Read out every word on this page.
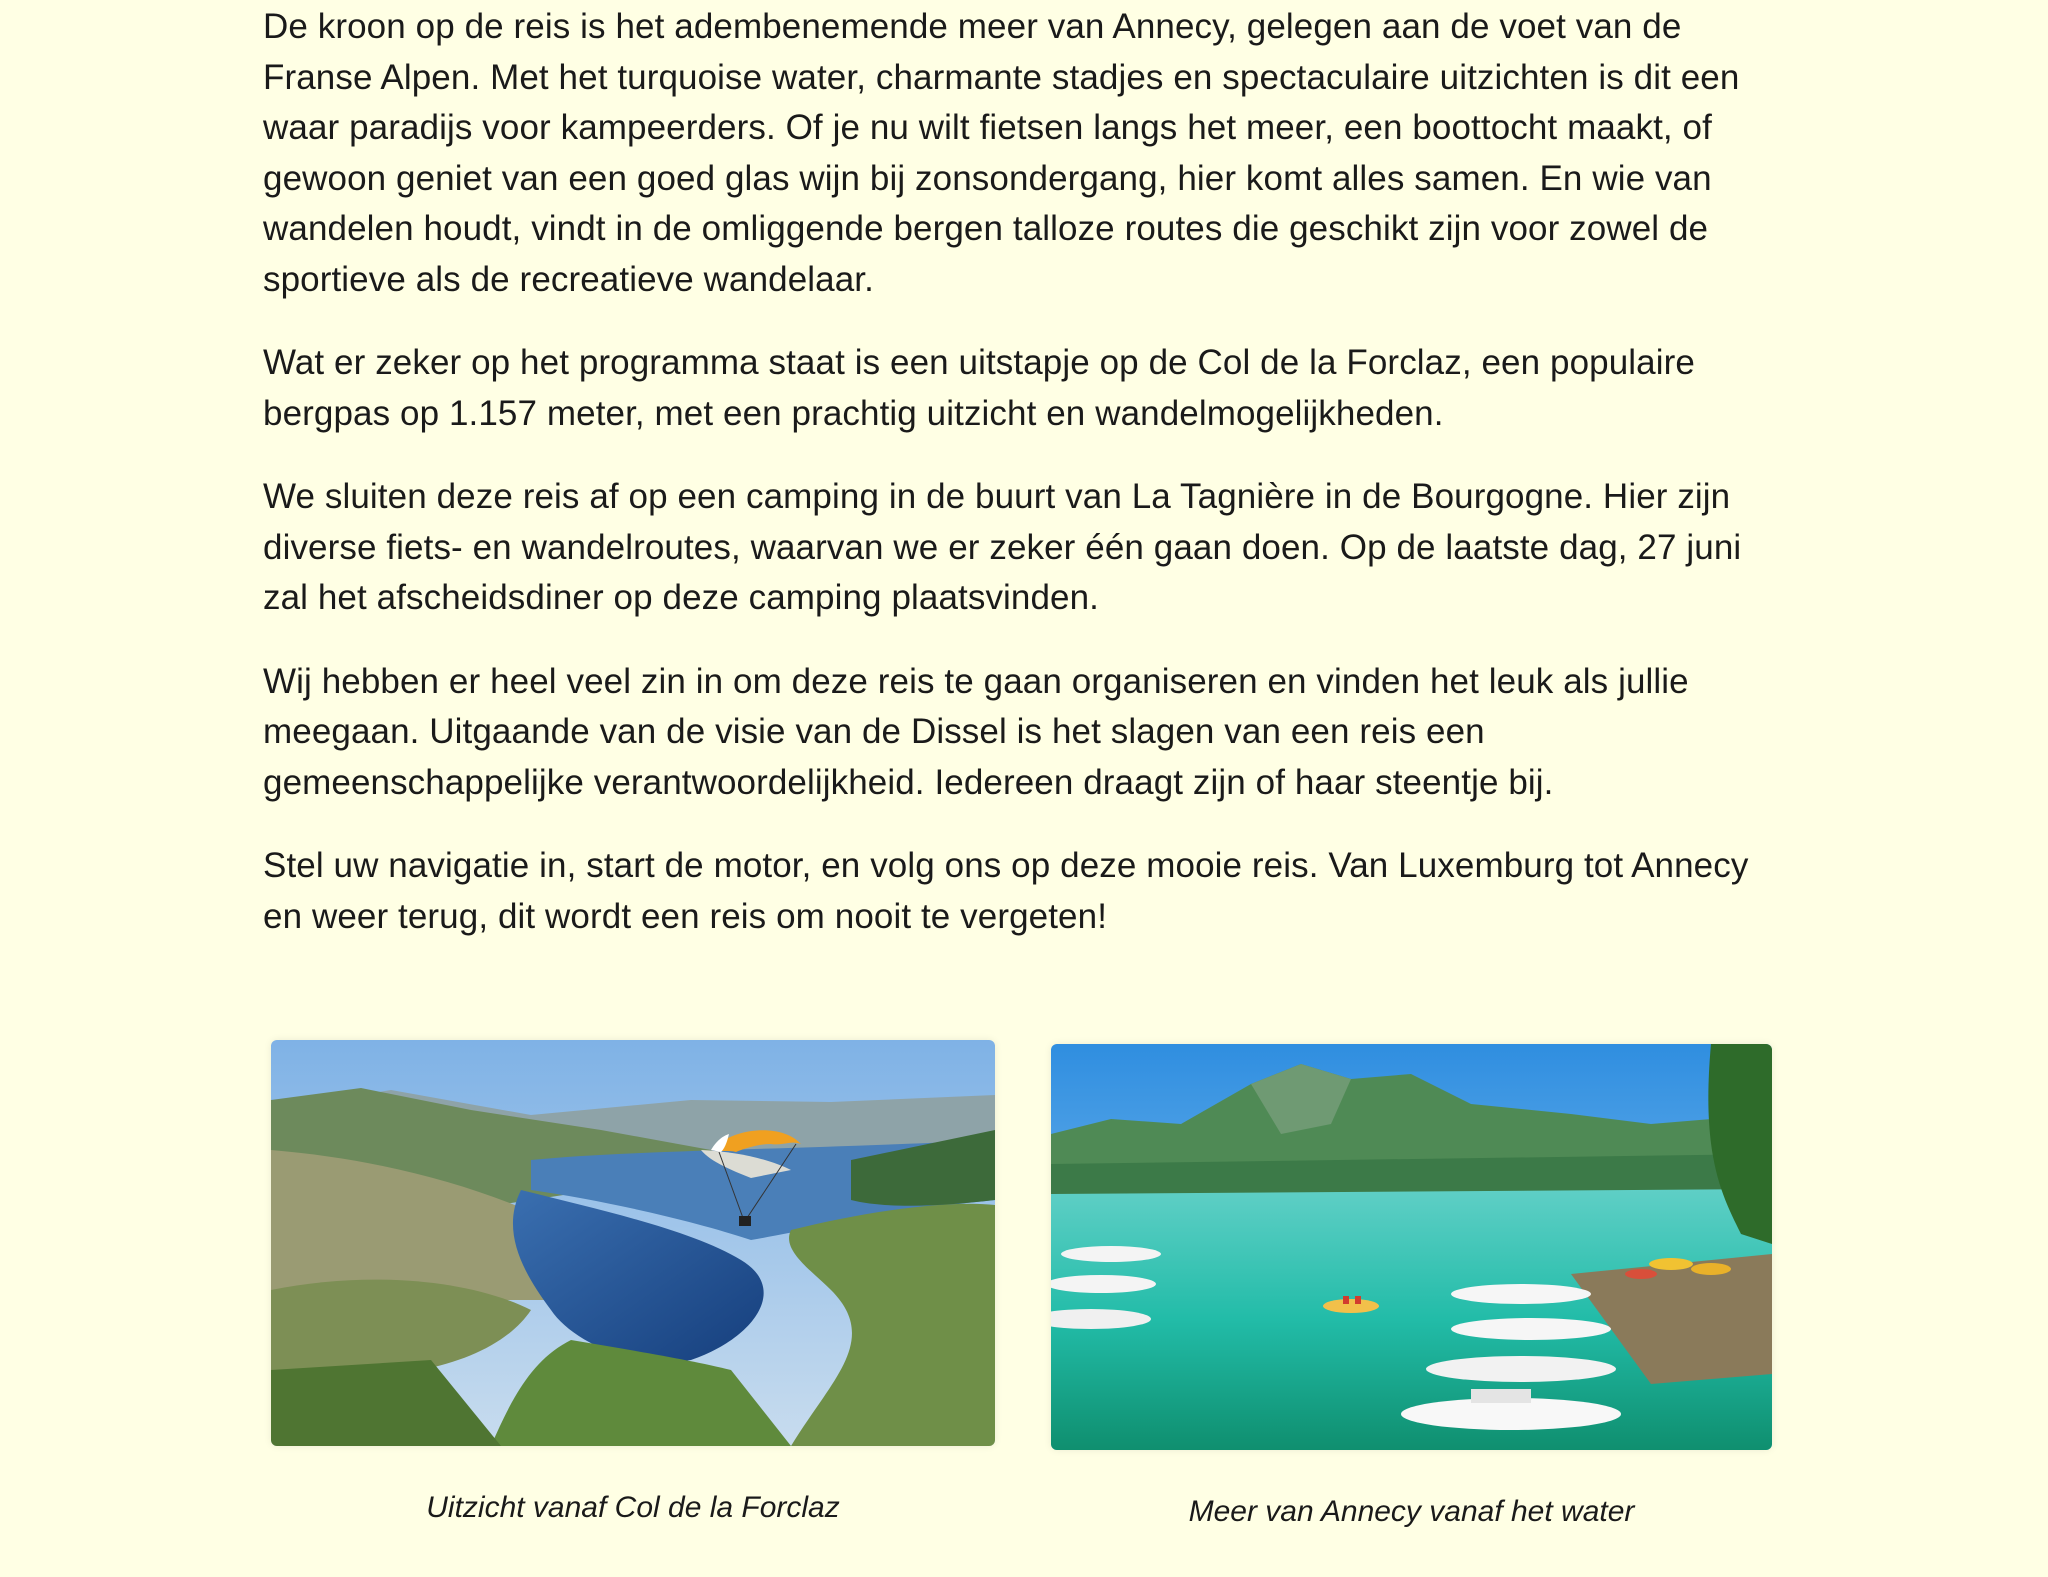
De kroon op de reis is het adembenemende meer van Annecy, gelegen aan de voet van de Franse Alpen. Met het turquoise water, charmante stadjes en spectaculaire uitzichten is dit een waar paradijs voor kampeerders. Of je nu wilt fietsen langs het meer, een boottocht maakt, of gewoon geniet van een goed glas wijn bij zonsondergang, hier komt alles samen. En wie van wandelen houdt, vindt in de omliggende bergen talloze routes die geschikt zijn voor zowel de sportieve als de recreatieve wandelaar.

Wat er zeker op het programma staat is een uitstapje op de Col de la Forclaz, een populaire bergpas op 1.157 meter, met een prachtig uitzicht en wandelmogelijkheden.

We sluiten deze reis af op een camping in de buurt van La Tagnière in de Bourgogne. Hier zijn diverse fiets- en wandelroutes, waarvan we er zeker één gaan doen. Op de laatste dag, 27 juni zal het afscheidsdiner op deze camping plaatsvinden.

Wij hebben er heel veel zin in om deze reis te gaan organiseren en vinden het leuk als jullie meegaan. Uitgaande van de visie van de Dissel is het slagen van een reis een gemeenschappelijke verantwoordelijkheid. Iedereen draagt zijn of haar steentje bij.

Stel uw navigatie in, start de motor, en volg ons op deze mooie reis. Van Luxemburg tot Annecy en weer terug, dit wordt een reis om nooit te vergeten!

Uitzicht vanaf Col de la Forclaz	Meer van Annecy vanaf het water
